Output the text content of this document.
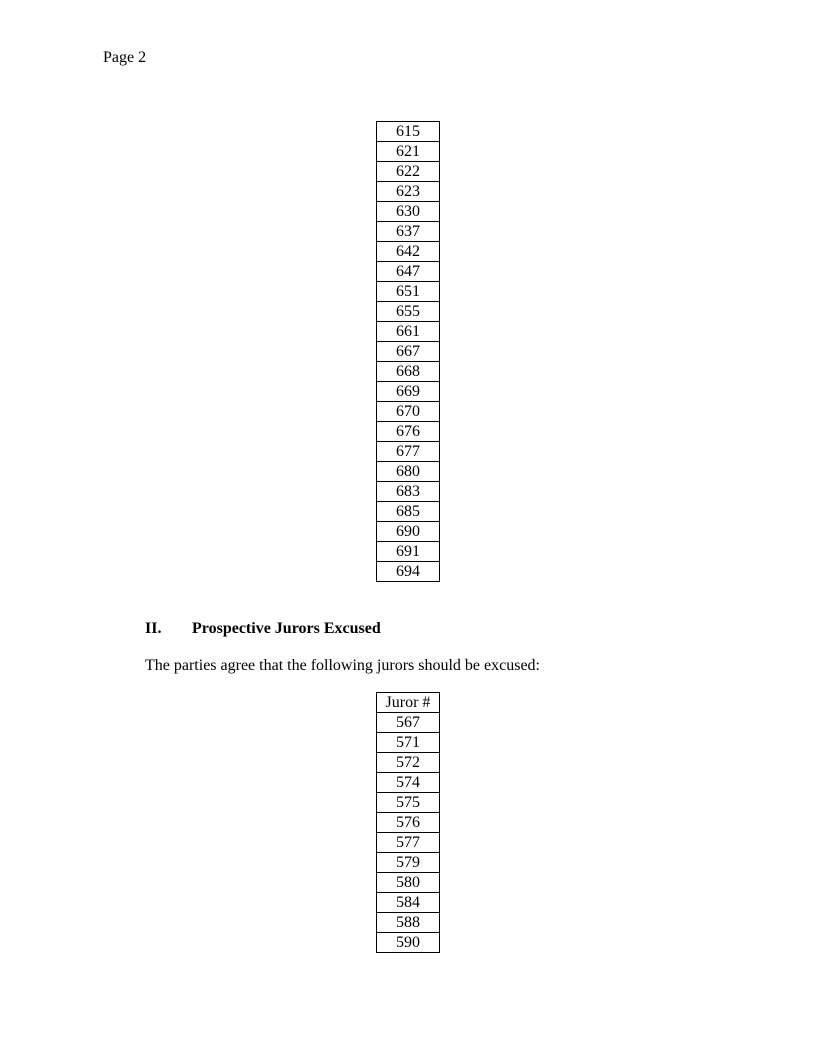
Page 2
615
621
622
623
630
637
642
647
651
655
661
667
668
669
670
676
677
680
683
685
690
691
694
II. Prospective Jurors Excused
The parties agree that the following jurors should be excused:
Juror #
567
571
572
574
575
576
577
579
580
584
588
590
